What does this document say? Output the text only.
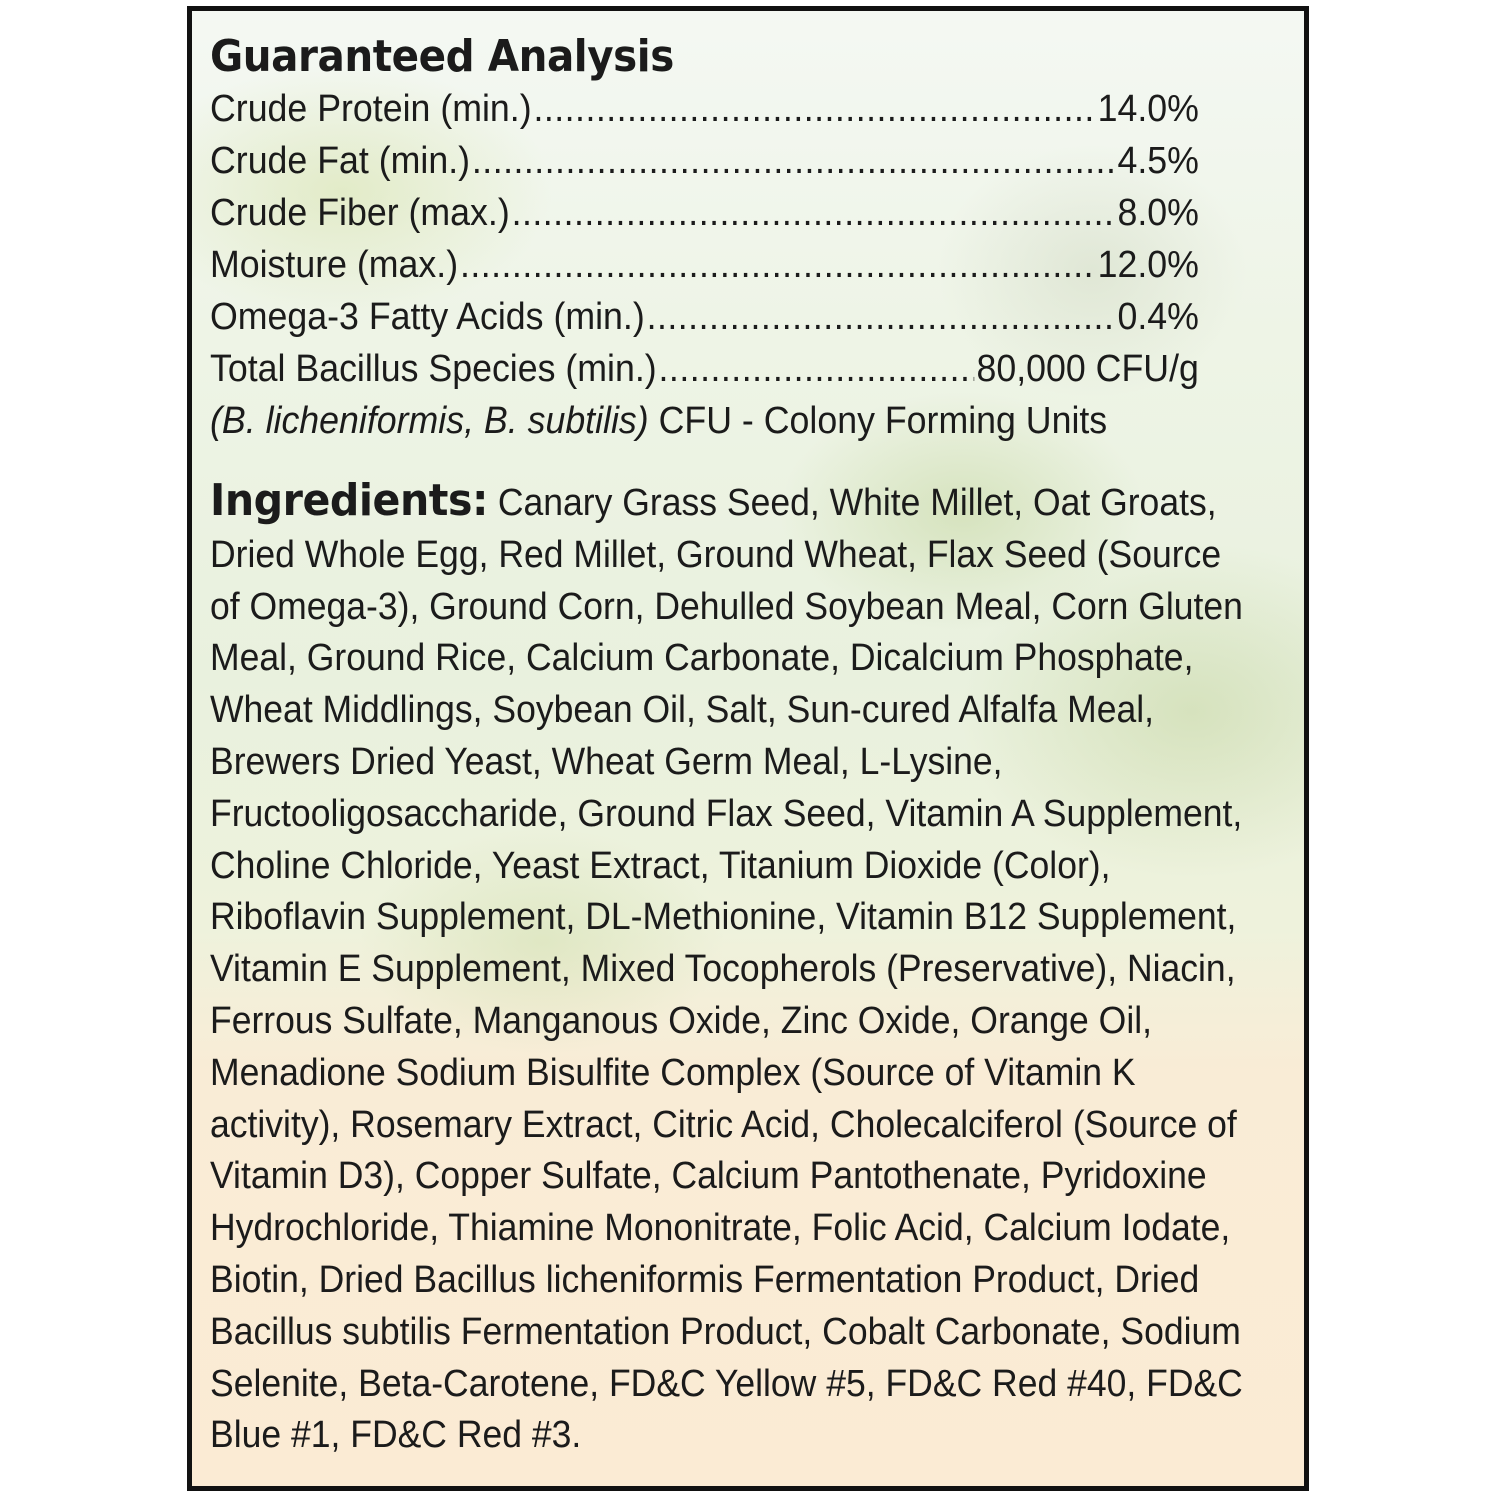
Guaranteed Analysis
Crude Protein (min.) .....	14.0%
Crude Fat (min.) .....	4.5%
Crude Fiber (max.) .....	8.0%
Moisture (max.) .....	12.0%
Omega-3 Fatty Acids (min.) .....	0.4%
Total Bacillus Species (min.) .....	80,000 CFU/g
(B. licheniformis, B. subtilis) CFU - Colony Forming Units
Ingredients: Canary Grass Seed, White Millet, Oat Groats, Dried Whole Egg, Red Millet, Ground Wheat, Flax Seed (Source of Omega-3), Ground Corn, Dehulled Soybean Meal, Corn Gluten Meal, Ground Rice, Calcium Carbonate, Dicalcium Phosphate, Wheat Middlings, Soybean Oil, Salt, Sun-cured Alfalfa Meal, Brewers Dried Yeast, Wheat Germ Meal, L-Lysine, Fructooligosaccharide, Ground Flax Seed, Vitamin A Supplement, Choline Chloride, Yeast Extract, Titanium Dioxide (Color), Riboflavin Supplement, DL-Methionine, Vitamin B12 Supplement, Vitamin E Supplement, Mixed Tocopherols (Preservative), Niacin, Ferrous Sulfate, Manganous Oxide, Zinc Oxide, Orange Oil, Menadione Sodium Bisulfite Complex (Source of Vitamin K activity), Rosemary Extract, Citric Acid, Cholecalciferol (Source of Vitamin D3), Copper Sulfate, Calcium Pantothenate, Pyridoxine Hydrochloride, Thiamine Mononitrate, Folic Acid, Calcium Iodate, Biotin, Dried Bacillus licheniformis Fermentation Product, Dried Bacillus subtilis Fermentation Product, Cobalt Carbonate, Sodium Selenite, Beta-Carotene, FD&C Yellow #5, FD&C Red #40, FD&C Blue #1, FD&C Red #3.
